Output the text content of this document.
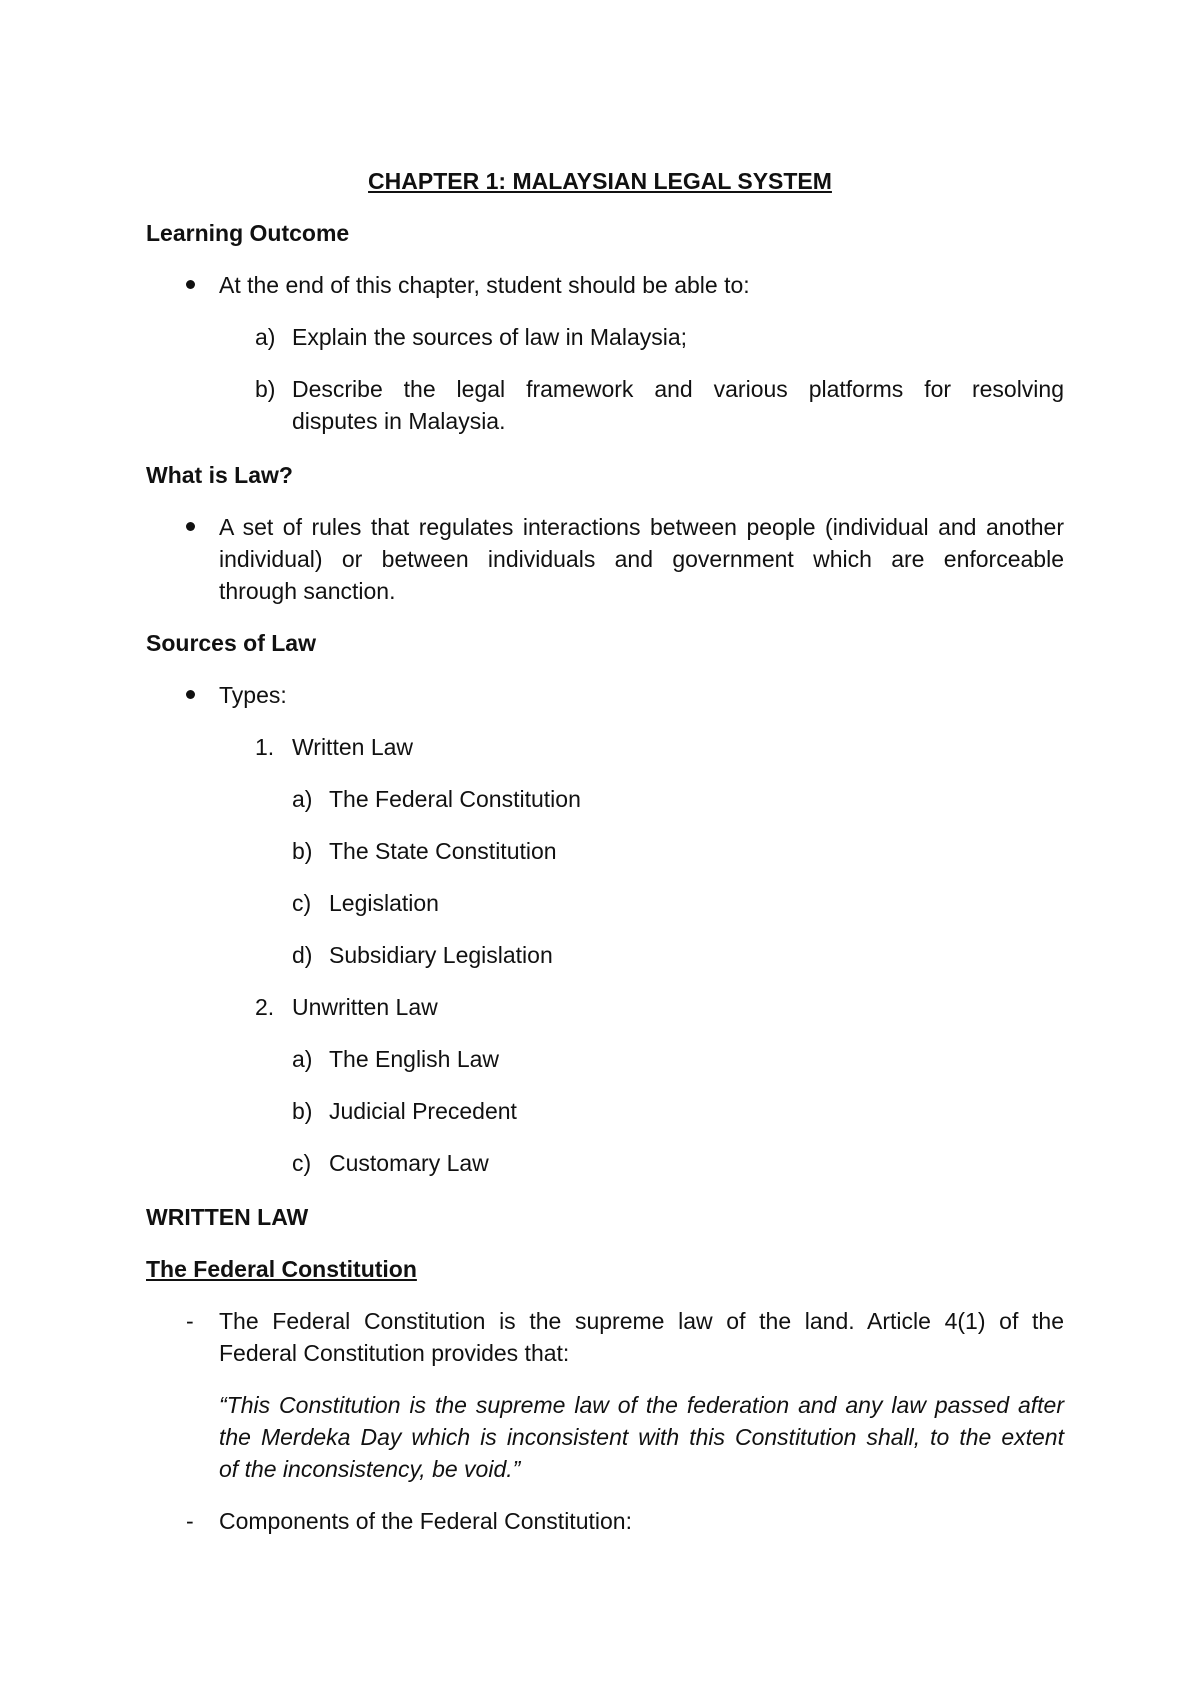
CHAPTER 1: MALAYSIAN LEGAL SYSTEM

Learning Outcome

At the end of this chapter, student should be able to:

a) Explain the sources of law in Malaysia;

b) Describe the legal framework and various platforms for resolving

disputes in Malaysia.

What is Law?

A set of rules that regulates interactions between people (individual and another

individual) or between individuals and government which are enforceable

through sanction.

Sources of Law

Types:

1. Written Law

a) The Federal Constitution

b) The State Constitution

c) Legislation

d) Subsidiary Legislation

2. Unwritten Law

a) The English Law

b) Judicial Precedent

c) Customary Law

WRITTEN LAW

The Federal Constitution

- The Federal Constitution is the supreme law of the land. Article 4(1) of the

Federal Constitution provides that:

“This Constitution is the supreme law of the federation and any law passed after

the Merdeka Day which is inconsistent with this Constitution shall, to the extent

of the inconsistency, be void.”

- Components of the Federal Constitution:
